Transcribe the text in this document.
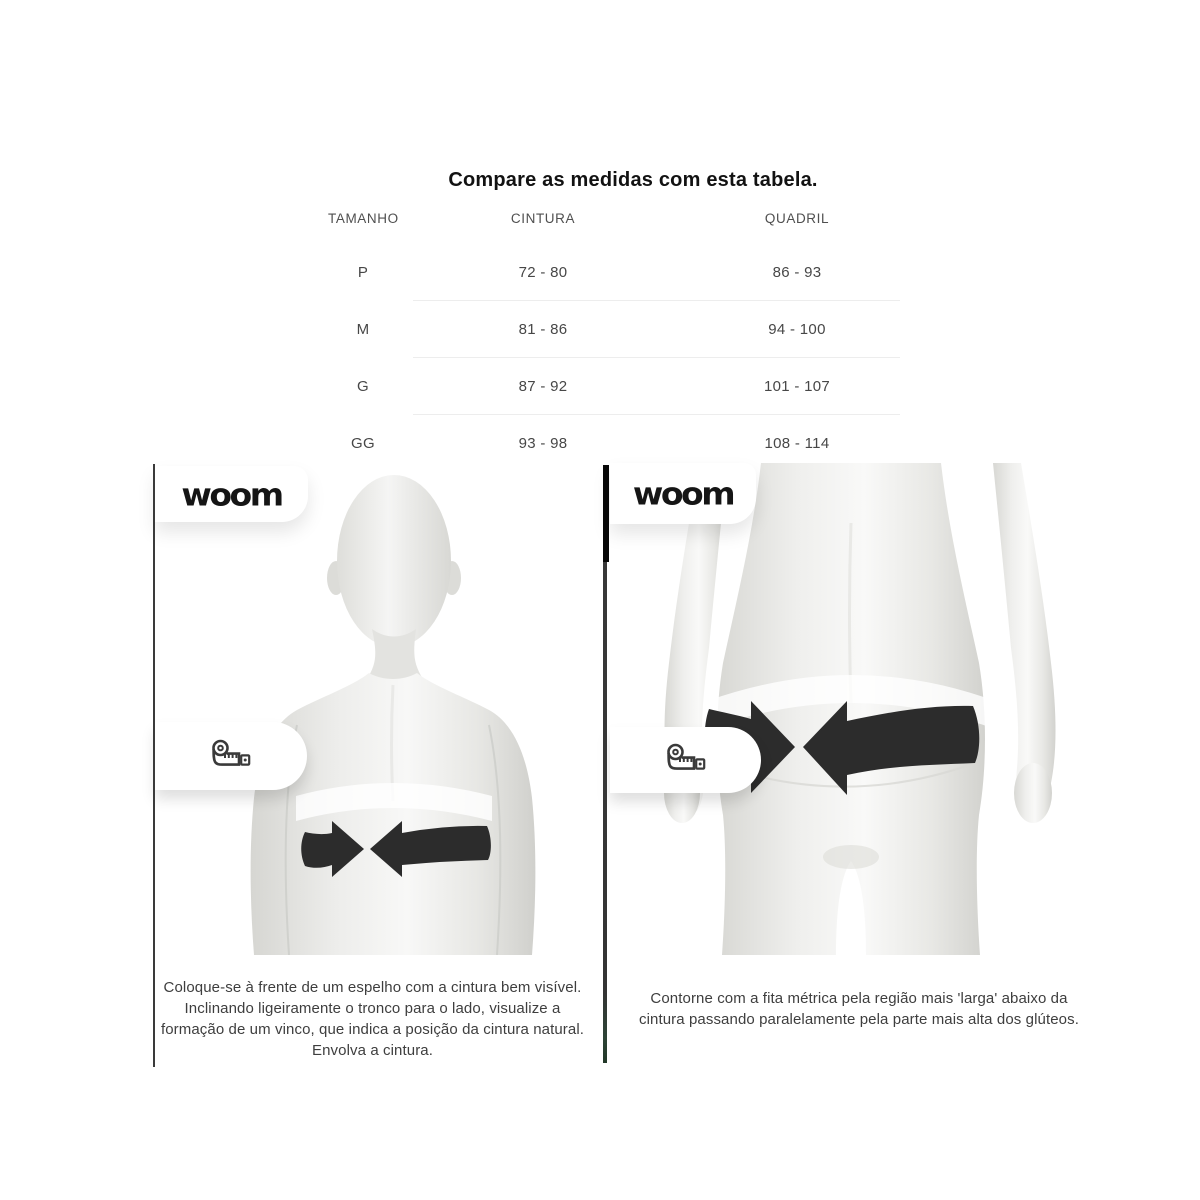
Compare as medidas com esta tabela.
TAMANHO	CINTURA	QUADRIL
P	72 - 80	86 - 93
M	81 - 86	94 - 100
G	87 - 92	101 - 107
GG	93 - 98	108 - 114
woom
Coloque-se à frente de um espelho com a cintura bem visível. Inclinando ligeiramente o tronco para o lado, visualize a formação de um vinco, que indica a posição da cintura natural. Envolva a cintura.
woom
Contorne com a fita métrica pela região mais 'larga' abaixo da cintura passando paralelamente pela parte mais alta dos glúteos.
